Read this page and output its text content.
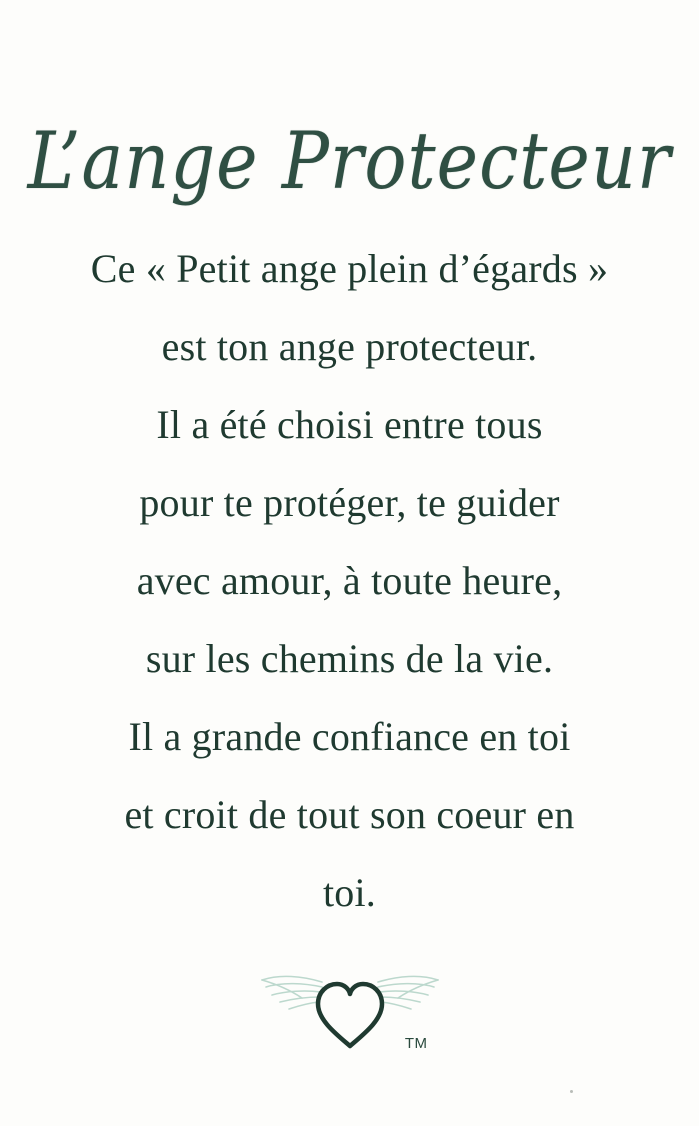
L’ange Protecteur
Ce « Petit ange plein d’égards »
est ton ange protecteur.
Il a été choisi entre tous
pour te protéger, te guider
avec amour, à toute heure,
sur les chemins de la vie.
Il a grande confiance en toi
et croit de tout son coeur en
toi.
TM
